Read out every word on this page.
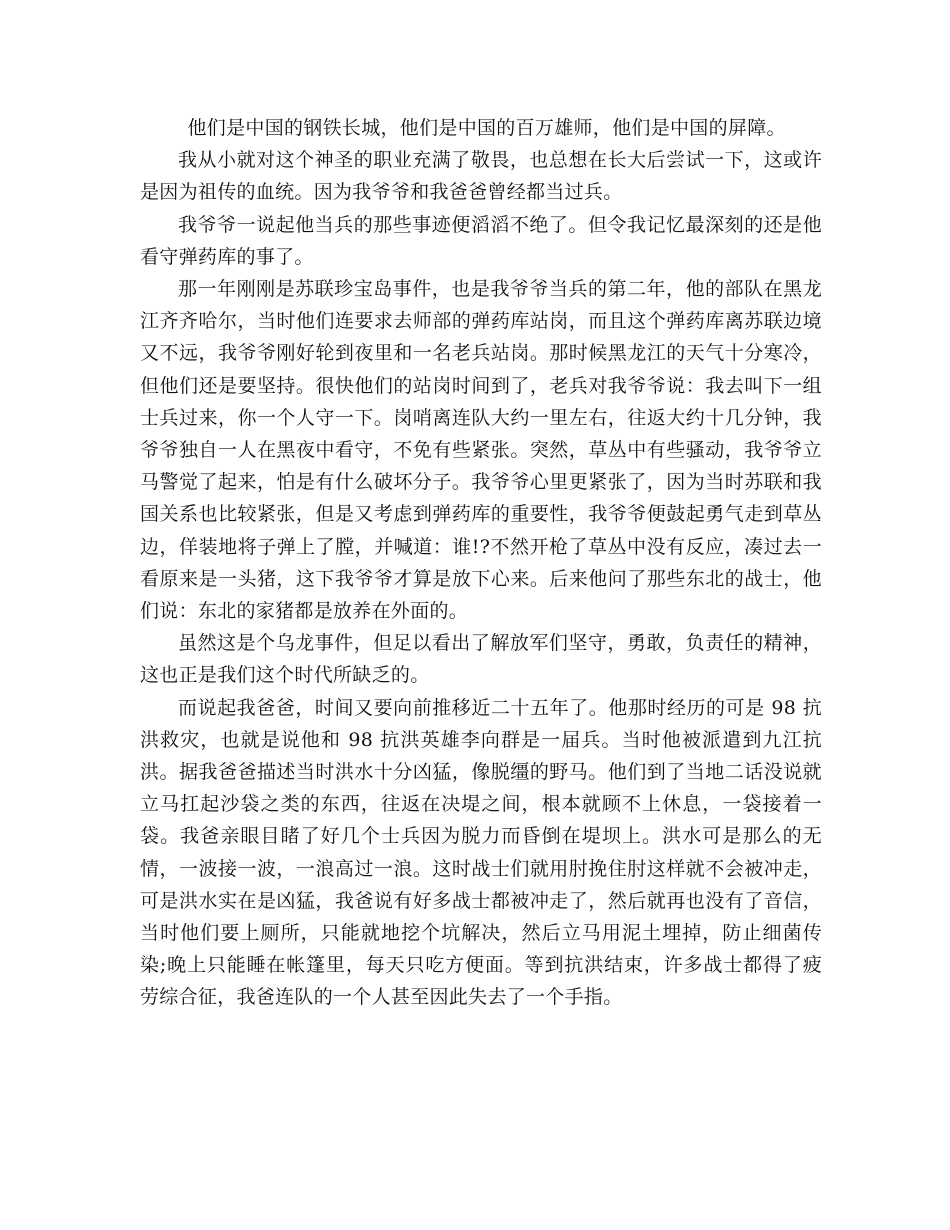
他们是中国的钢铁长城，他们是中国的百万雄师，他们是中国的屏障。

我从小就对这个神圣的职业充满了敬畏，也总想在长大后尝试一下，这或许是因为祖传的血统。因为我爷爷和我爸爸曾经都当过兵。

我爷爷一说起他当兵的那些事迹便滔滔不绝了。但令我记忆最深刻的还是他看守弹药库的事了。

那一年刚刚是苏联珍宝岛事件，也是我爷爷当兵的第二年，他的部队在黑龙江齐齐哈尔，当时他们连要求去师部的弹药库站岗，而且这个弹药库离苏联边境又不远，我爷爷刚好轮到夜里和一名老兵站岗。那时候黑龙江的天气十分寒冷，但他们还是要坚持。很快他们的站岗时间到了，老兵对我爷爷说：我去叫下一组士兵过来，你一个人守一下。岗哨离连队大约一里左右，往返大约十几分钟，我爷爷独自一人在黑夜中看守，不免有些紧张。突然，草丛中有些骚动，我爷爷立马警觉了起来，怕是有什么破坏分子。我爷爷心里更紧张了，因为当时苏联和我国关系也比较紧张，但是又考虑到弹药库的重要性，我爷爷便鼓起勇气走到草丛边，佯装地将子弹上了膛，并喊道：谁!?不然开枪了草丛中没有反应，凑过去一看原来是一头猪，这下我爷爷才算是放下心来。后来他问了那些东北的战士，他们说：东北的家猪都是放养在外面的。

虽然这是个乌龙事件，但足以看出了解放军们坚守，勇敢，负责任的精神，这也正是我们这个时代所缺乏的。

而说起我爸爸，时间又要向前推移近二十五年了。他那时经历的可是 98 抗洪救灾，也就是说他和 98 抗洪英雄李向群是一届兵。当时他被派遣到九江抗洪。据我爸爸描述当时洪水十分凶猛，像脱缰的野马。他们到了当地二话没说就立马扛起沙袋之类的东西，往返在决堤之间，根本就顾不上休息，一袋接着一袋。我爸亲眼目睹了好几个士兵因为脱力而昏倒在堤坝上。洪水可是那么的无情，一波接一波，一浪高过一浪。这时战士们就用肘挽住肘这样就不会被冲走，可是洪水实在是凶猛，我爸说有好多战士都被冲走了，然后就再也没有了音信，当时他们要上厕所，只能就地挖个坑解决，然后立马用泥土埋掉，防止细菌传染;晚上只能睡在帐篷里，每天只吃方便面。等到抗洪结束，许多战士都得了疲劳综合征，我爸连队的一个人甚至因此失去了一个手指。
